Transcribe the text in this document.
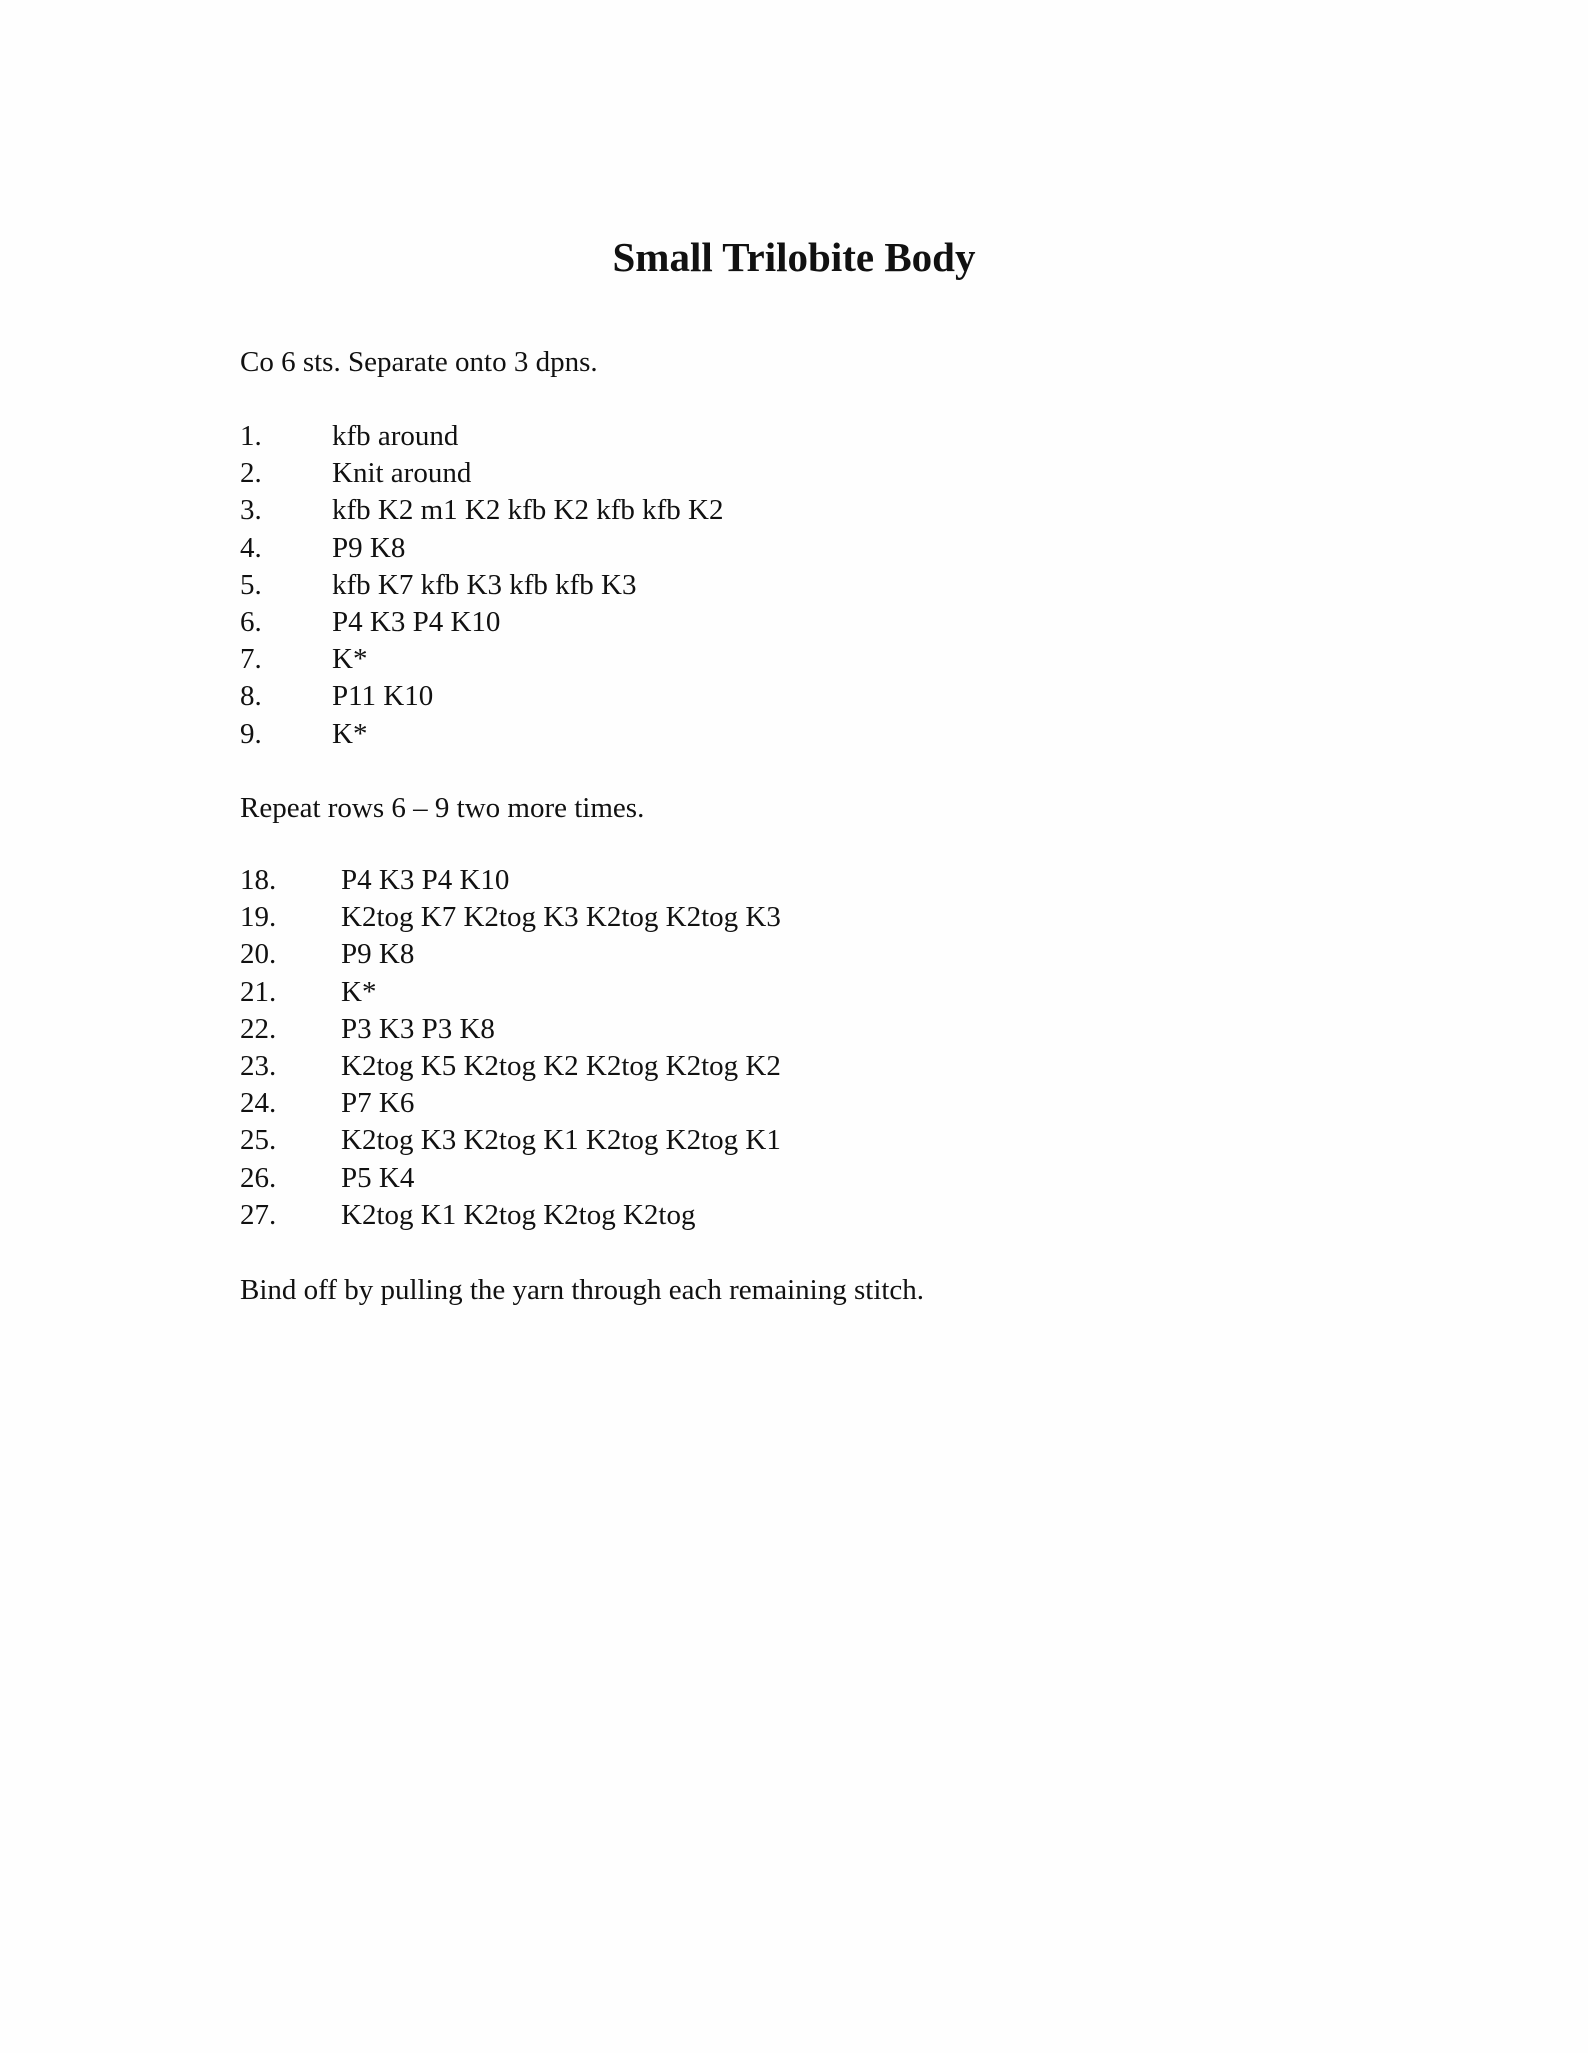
Small Trilobite Body

Co 6 sts. Separate onto 3 dpns.

1. kfb around
2. Knit around
3. kfb K2 m1 K2 kfb K2 kfb kfb K2
4. P9 K8
5. kfb K7 kfb K3 kfb kfb K3
6. P4 K3 P4 K10
7. K*
8. P11 K10
9. K*

Repeat rows 6 – 9 two more times.

18. P4 K3 P4 K10
19. K2tog K7 K2tog K3 K2tog K2tog K3
20. P9 K8
21. K*
22. P3 K3 P3 K8
23. K2tog K5 K2tog K2 K2tog K2tog K2
24. P7 K6
25. K2tog K3 K2tog K1 K2tog K2tog K1
26. P5 K4
27. K2tog K1 K2tog K2tog K2tog

Bind off by pulling the yarn through each remaining stitch.
